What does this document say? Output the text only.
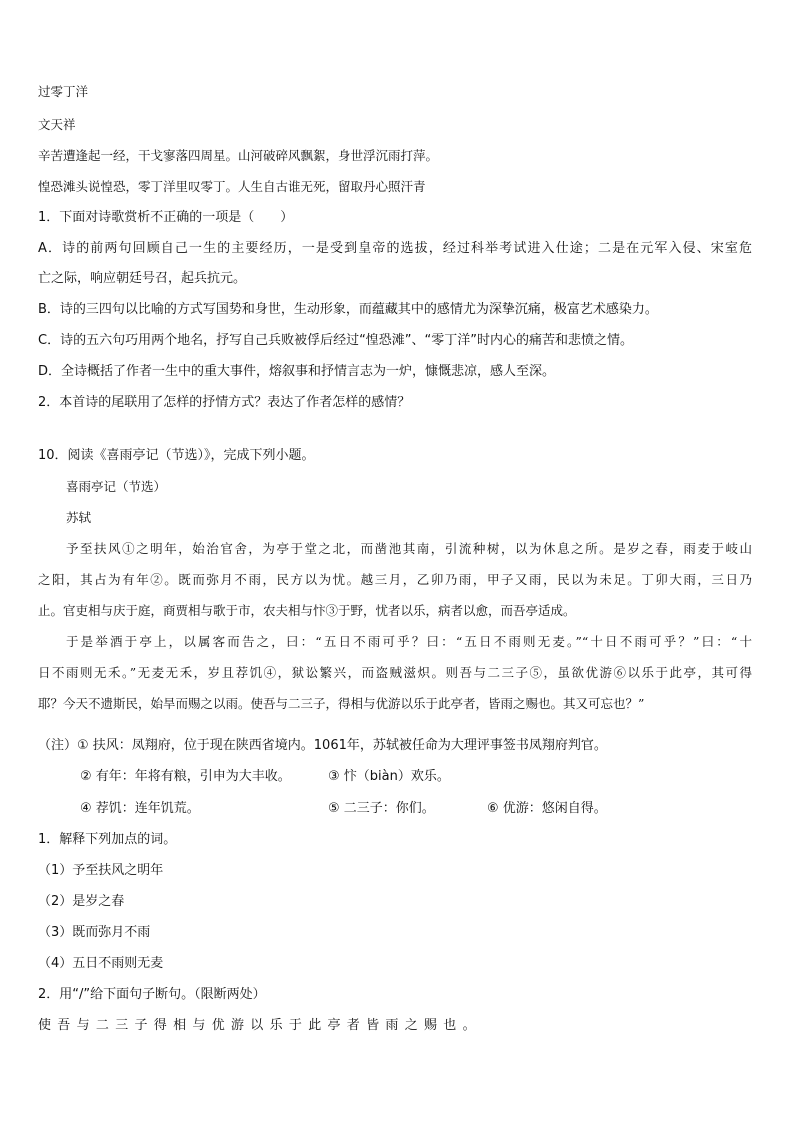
过零丁洋
文天祥
辛苦遭逢起一经，干戈寥落四周星。山河破碎风飘絮，身世浮沉雨打萍。
惶恐滩头说惶恐，零丁洋里叹零丁。人生自古谁无死，留取丹心照汗青
1．下面对诗歌赏析不正确的一项是（　　）
A．诗的前两句回顾自己一生的主要经历，一是受到皇帝的选拔，经过科举考试进入仕途；二是在元军入侵、宋室危
亡之际，响应朝廷号召，起兵抗元。
B．诗的三四句以比喻的方式写国势和身世，生动形象，而蕴藏其中的感情尤为深挚沉痛，极富艺术感染力。
C．诗的五六句巧用两个地名，抒写自己兵败被俘后经过“惶恐滩”、“零丁洋”时内心的痛苦和悲愤之情。
D．全诗概括了作者一生中的重大事件，熔叙事和抒情言志为一炉，慷慨悲凉，感人至深。
2．本首诗的尾联用了怎样的抒情方式？表达了作者怎样的感情？
10．阅读《喜雨亭记（节选）》，完成下列小题。
喜雨亭记（节选）
苏轼
予至扶风①之明年，始治官舍，为亭于堂之北，而凿池其南，引流种树，以为休息之所。是岁之春，雨麦于岐山
之阳，其占为有年②。既而弥月不雨，民方以为忧。越三月，乙卯乃雨，甲子又雨，民以为未足。丁卯大雨，三日乃
止。官吏相与庆于庭，商贾相与歌于市，农夫相与忭③于野，忧者以乐，病者以愈，而吾亭适成。
于是举酒于亭上，以属客而告之，曰：“五日不雨可乎？曰：“五日不雨则无麦。”“十日不雨可乎？”曰：“十
日不雨则无禾。”无麦无禾，岁且荐饥④，狱讼繁兴，而盗贼滋炽。则吾与二三子⑤，虽欲优游⑥以乐于此亭，其可得
耶？今天不遗斯民，始旱而赐之以雨。使吾与二三子，得相与优游以乐于此亭者，皆雨之赐也。其又可忘也？”
（注）① 扶风：凤翔府，位于现在陕西省境内。1061年，苏轼被任命为大理评事签书凤翔府判官。
② 有年：年将有粮，引申为大丰收。	③ 忭（biàn）欢乐。
④ 荐饥：连年饥荒。	⑤ 二三子：你们。	⑥ 优游：悠闲自得。
1．解释下列加点的词。
（1）予至扶风之明年
（2）是岁之春
（3）既而弥月不雨
（4）五日不雨则无麦
2．用“/”给下面句子断句。（限断两处）
使吾与二三子得相与优游以乐于此亭者皆雨之赐也。
